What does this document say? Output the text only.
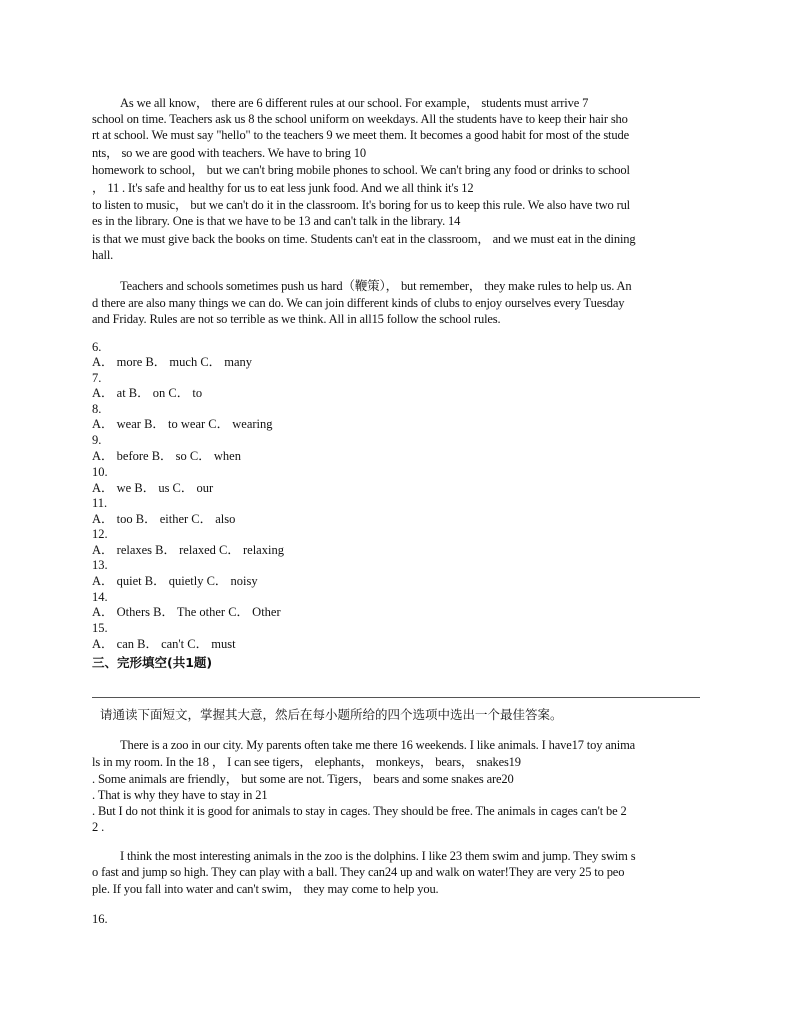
As we all know， there are 6 different rules at our school. For example， students must arrive 7
school on time. Teachers ask us 8 the school uniform on weekdays. All the students have to keep their hair sho
rt at school. We must say "hello" to the teachers 9 we meet them. It becomes a good habit for most of the stude
nts， so we are good with teachers. We have to bring 10
homework to school， but we can't bring mobile phones to school. We can't bring any food or drinks to school
， 11 . It's safe and healthy for us to eat less junk food. And we all think it's 12
to listen to music， but we can't do it in the classroom. It's boring for us to keep this rule. We also have two rul
es in the library. One is that we have to be 13 and can't talk in the library. 14
is that we must give back the books on time. Students can't eat in the classroom， and we must eat in the dining
hall.
Teachers and schools sometimes push us hard（鞭策）， but remember， they make rules to help us. An
d there are also many things we can do. We can join different kinds of clubs to enjoy ourselves every Tuesday
and Friday. Rules are not so terrible as we think. All in all15 follow the school rules.
6.
A． more B． much C． many
7.
A． at B． on C． to
8.
A． wear B． to wear C． wearing
9.
A． before B． so C． when
10.
A． we B． us C． our
11.
A． too B． either C． also
12.
A． relaxes B． relaxed C． relaxing
13.
A． quiet B． quietly C． noisy
14.
A． Others B． The other C． Other
15.
A． can B． can't C． must
三、完形填空(共1题)
请通读下面短文，掌握其大意，然后在每小题所给的四个选项中选出一个最佳答案。
There is a zoo in our city. My parents often take me there 16 weekends. I like animals. I have17 toy anima
ls in my room. In the 18 ， I can see tigers， elephants， monkeys， bears， snakes19
. Some animals are friendly， but some are not. Tigers， bears and some snakes are20
. That is why they have to stay in 21
. But I do not think it is good for animals to stay in cages. They should be free. The animals in cages can't be 2
2 .
I think the most interesting animals in the zoo is the dolphins. I like 23 them swim and jump. They swim s
o fast and jump so high. They can play with a ball. They can24 up and walk on water!They are very 25 to peo
ple. If you fall into water and can't swim， they may come to help you.
16.
